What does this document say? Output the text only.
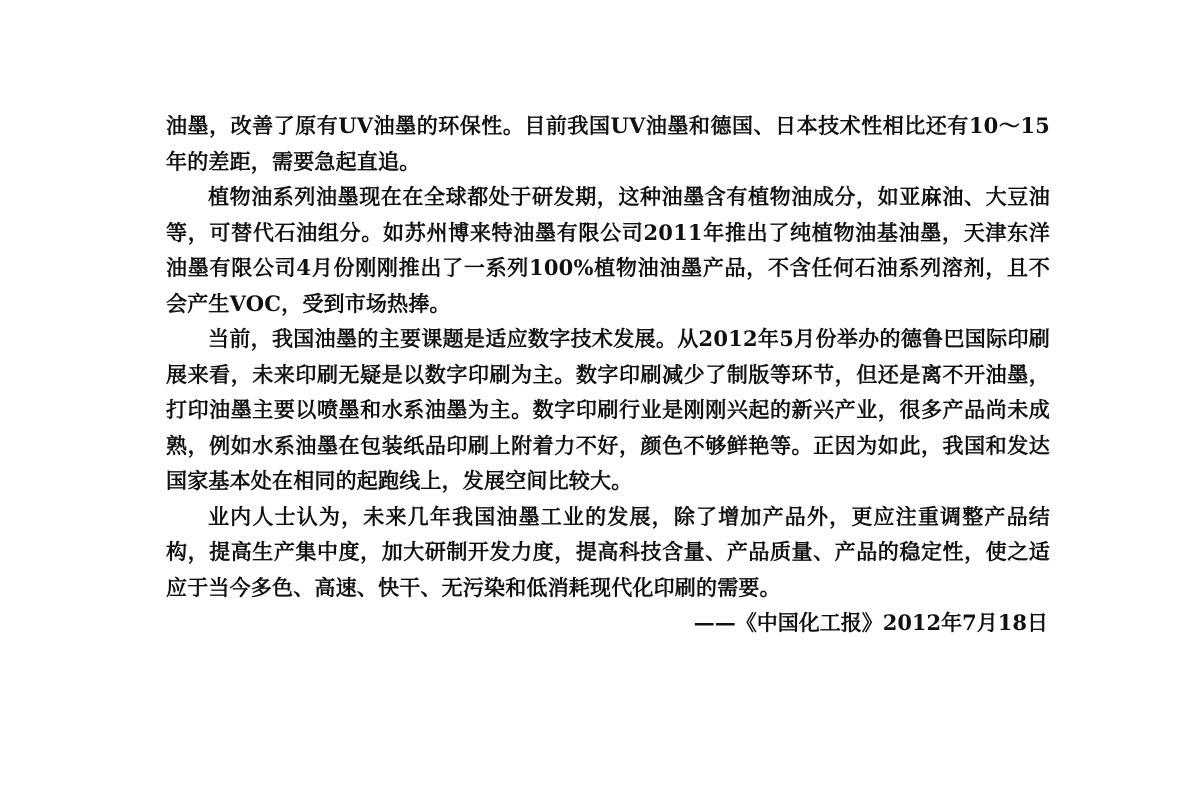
油墨，改善了原有UV油墨的环保性。目前我国UV油墨和德国、日本技术性相比还有10～15年的差距，需要急起直追。

植物油系列油墨现在在全球都处于研发期，这种油墨含有植物油成分，如亚麻油、大豆油等，可替代石油组分。如苏州博来特油墨有限公司2011年推出了纯植物油基油墨，天津东洋油墨有限公司4月份刚刚推出了一系列100%植物油油墨产品，不含任何石油系列溶剂，且不会产生VOC，受到市场热捧。

当前，我国油墨的主要课题是适应数字技术发展。从2012年5月份举办的德鲁巴国际印刷展来看，未来印刷无疑是以数字印刷为主。数字印刷减少了制版等环节，但还是离不开油墨，打印油墨主要以喷墨和水系油墨为主。数字印刷行业是刚刚兴起的新兴产业，很多产品尚未成熟，例如水系油墨在包装纸品印刷上附着力不好，颜色不够鲜艳等。正因为如此，我国和发达国家基本处在相同的起跑线上，发展空间比较大。

业内人士认为，未来几年我国油墨工业的发展，除了增加产品外，更应注重调整产品结构，提高生产集中度，加大研制开发力度，提高科技含量、产品质量、产品的稳定性，使之适应于当今多色、高速、快干、无污染和低消耗现代化印刷的需要。

——《中国化工报》2012年7月18日
